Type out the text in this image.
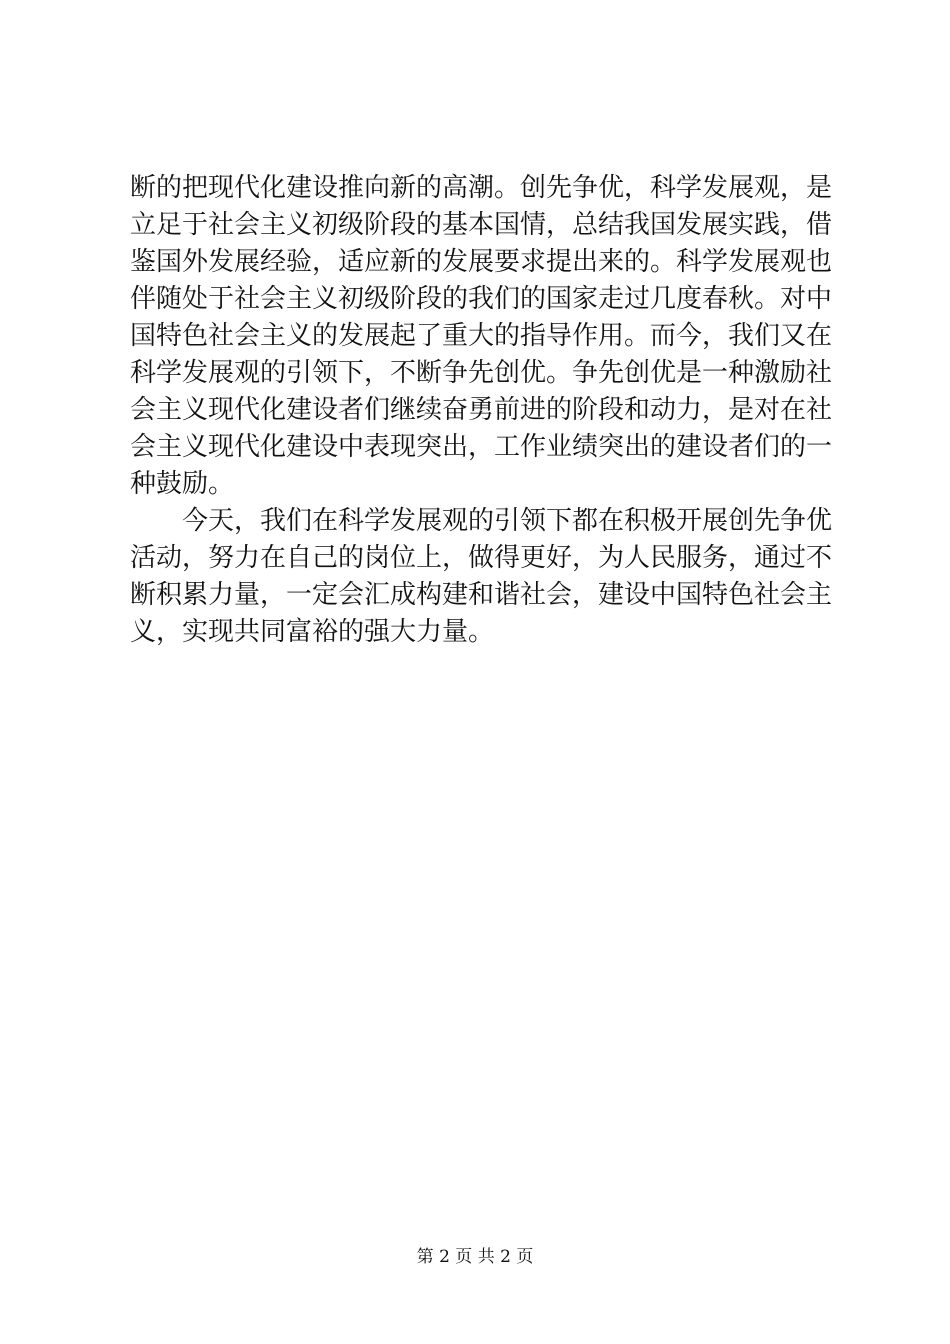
断的把现代化建设推向新的高潮。创先争优，科学发展观，是
立足于社会主义初级阶段的基本国情，总结我国发展实践，借
鉴国外发展经验，适应新的发展要求提出来的。科学发展观也
伴随处于社会主义初级阶段的我们的国家走过几度春秋。对中
国特色社会主义的发展起了重大的指导作用。而今，我们又在
科学发展观的引领下，不断争先创优。争先创优是一种激励社
会主义现代化建设者们继续奋勇前进的阶段和动力，是对在社
会主义现代化建设中表现突出，工作业绩突出的建设者们的一
种鼓励。
　　今天，我们在科学发展观的引领下都在积极开展创先争优
活动，努力在自己的岗位上，做得更好，为人民服务，通过不
断积累力量，一定会汇成构建和谐社会，建设中国特色社会主
义，实现共同富裕的强大力量。
第 2 页 共 2 页
